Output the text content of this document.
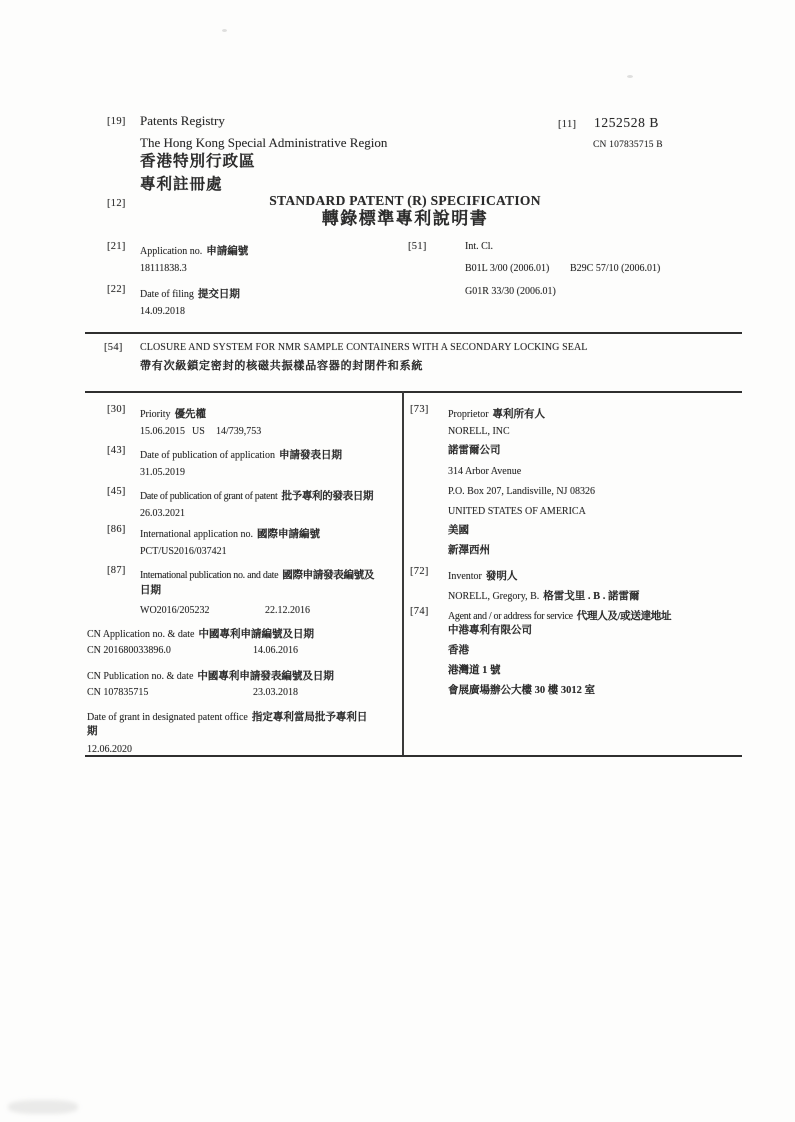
[19] Patents Registry
The Hong Kong Special Administrative Region
香港特別行政區
專利註冊處
[11] 1252528 B
CN 107835715 B
[12]	STANDARD PATENT (R) SPECIFICATION
轉錄標準專利說明書
[21] Application no. 申請編號
18111838.3
[22] Date of filing 提交日期
14.09.2018
[51]	Int. Cl.
B01L 3/00 (2006.01) B29C 57/10 (2006.01)
G01R 33/30 (2006.01)
[54] CLOSURE AND SYSTEM FOR NMR SAMPLE CONTAINERS WITH A SECONDARY LOCKING SEAL
帶有次級鎖定密封的核磁共振樣品容器的封閉件和系統
[30] Priority 優先權
15.06.2015 US 14/739,753
[43] Date of publication of application 申請發表日期
31.05.2019
[45] Date of publication of grant of patent 批予專利的發表日期
26.03.2021
[86] International application no. 國際申請編號
PCT/US2016/037421
[87] International publication no. and date 國際申請發表編號及
日期
WO2016/205232	22.12.2016
CN Application no. & date 中國專利申請編號及日期
CN 201680033896.0	14.06.2016
CN Publication no. & date 中國專利申請發表編號及日期
CN 107835715	23.03.2018
Date of grant in designated patent office 指定專利當局批予專利日
期
12.06.2020
[73] Proprietor 專利所有人
NORELL, INC
諾雷爾公司
314 Arbor Avenue
P.O. Box 207, Landisville, NJ 08326
UNITED STATES OF AMERICA
美國
新澤西州
[72] Inventor 發明人
NORELL, Gregory, B. 格雷戈里 . B . 諾雷爾
[74] Agent and / or address for service 代理人及/或送達地址
中港專利有限公司
香港
港灣道 1 號
會展廣場辦公大樓 30 樓 3012 室
